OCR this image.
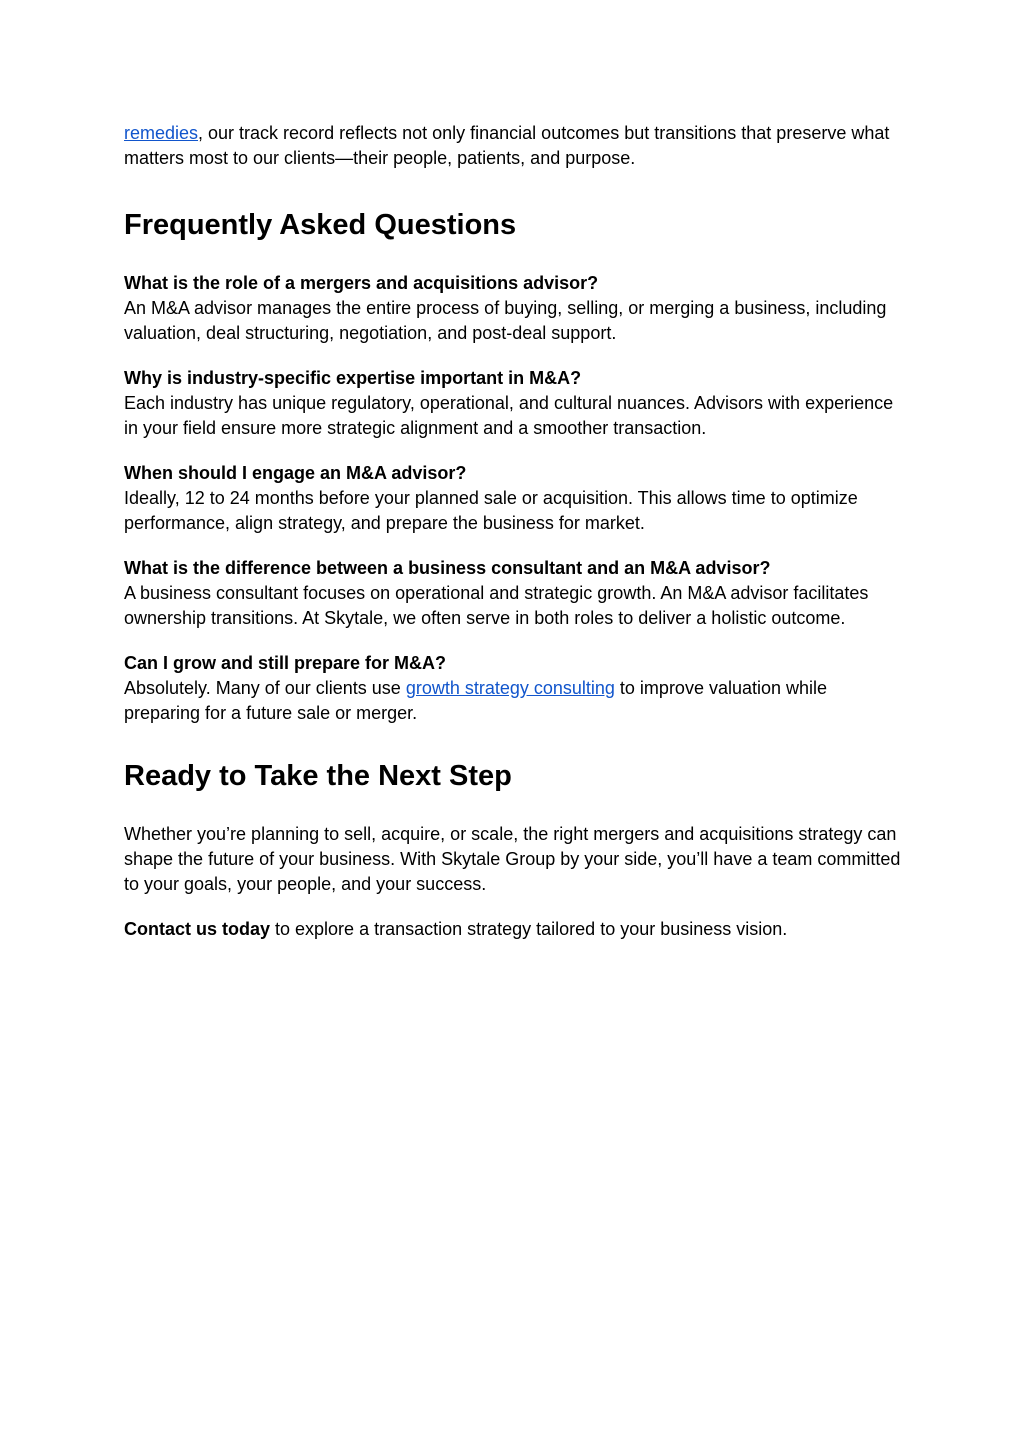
remedies, our track record reflects not only financial outcomes but transitions that preserve what matters most to our clients—their people, patients, and purpose.

Frequently Asked Questions

What is the role of a mergers and acquisitions advisor?

An M&A advisor manages the entire process of buying, selling, or merging a business, including valuation, deal structuring, negotiation, and post-deal support.

Why is industry-specific expertise important in M&A?

Each industry has unique regulatory, operational, and cultural nuances. Advisors with experience in your field ensure more strategic alignment and a smoother transaction.

When should I engage an M&A advisor?

Ideally, 12 to 24 months before your planned sale or acquisition. This allows time to optimize performance, align strategy, and prepare the business for market.

What is the difference between a business consultant and an M&A advisor?

A business consultant focuses on operational and strategic growth. An M&A advisor facilitates ownership transitions. At Skytale, we often serve in both roles to deliver a holistic outcome.

Can I grow and still prepare for M&A?

Absolutely. Many of our clients use growth strategy consulting to improve valuation while preparing for a future sale or merger.

Ready to Take the Next Step

Whether you’re planning to sell, acquire, or scale, the right mergers and acquisitions strategy can shape the future of your business. With Skytale Group by your side, you’ll have a team committed to your goals, your people, and your success.

Contact us today to explore a transaction strategy tailored to your business vision.
